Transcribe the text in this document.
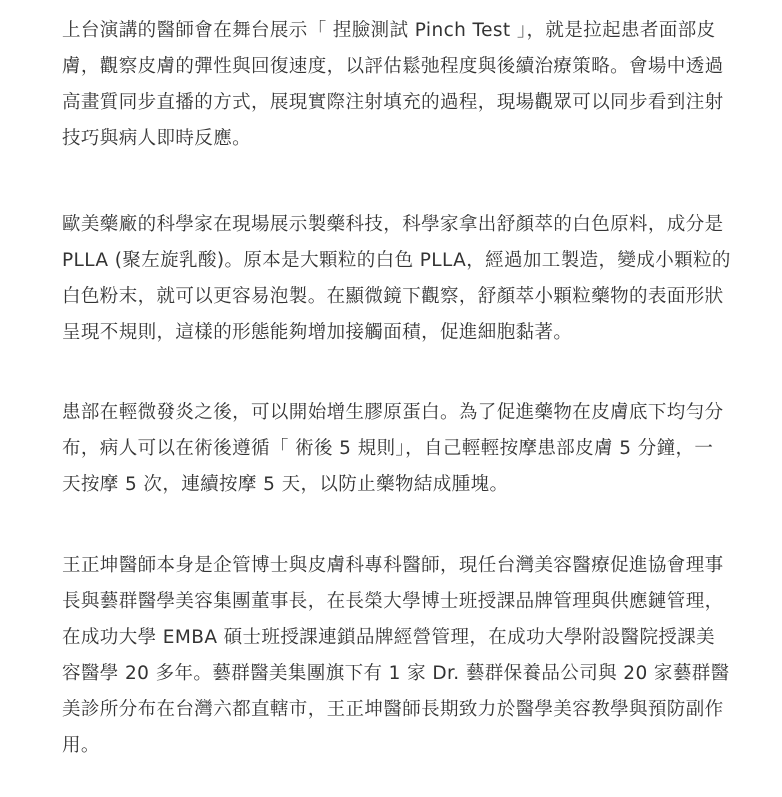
上台演講的醫師會在舞台展示「 捏臉測試 Pinch Test 」，就是拉起患者面部皮
膚，觀察皮膚的彈性與回復速度，以評估鬆弛程度與後續治療策略。會場中透過
高畫質同步直播的方式，展現實際注射填充的過程，現場觀眾可以同步看到注射
技巧與病人即時反應。

歐美藥廠的科學家在現場展示製藥科技，科學家拿出舒顏萃的白色原料，成分是
PLLA (聚左旋乳酸)。原本是大顆粒的白色 PLLA，經過加工製造，變成小顆粒的
白色粉末，就可以更容易泡製。在顯微鏡下觀察，舒顏萃小顆粒藥物的表面形狀
呈現不規則，這樣的形態能夠增加接觸面積，促進細胞黏著。

患部在輕微發炎之後，可以開始增生膠原蛋白。為了促進藥物在皮膚底下均勻分
布，病人可以在術後遵循「 術後 5 規則」，自己輕輕按摩患部皮膚 5 分鐘，一
天按摩 5 次，連續按摩 5 天，以防止藥物結成腫塊。

王正坤醫師本身是企管博士與皮膚科專科醫師，現任台灣美容醫療促進協會理事
長與藝群醫學美容集團董事長，在長榮大學博士班授課品牌管理與供應鏈管理，
在成功大學 EMBA 碩士班授課連鎖品牌經營管理，在成功大學附設醫院授課美
容醫學 20 多年。藝群醫美集團旗下有 1 家 Dr. 藝群保養品公司與 20 家藝群醫
美診所分布在台灣六都直轄市，王正坤醫師長期致力於醫學美容教學與預防副作
用。
